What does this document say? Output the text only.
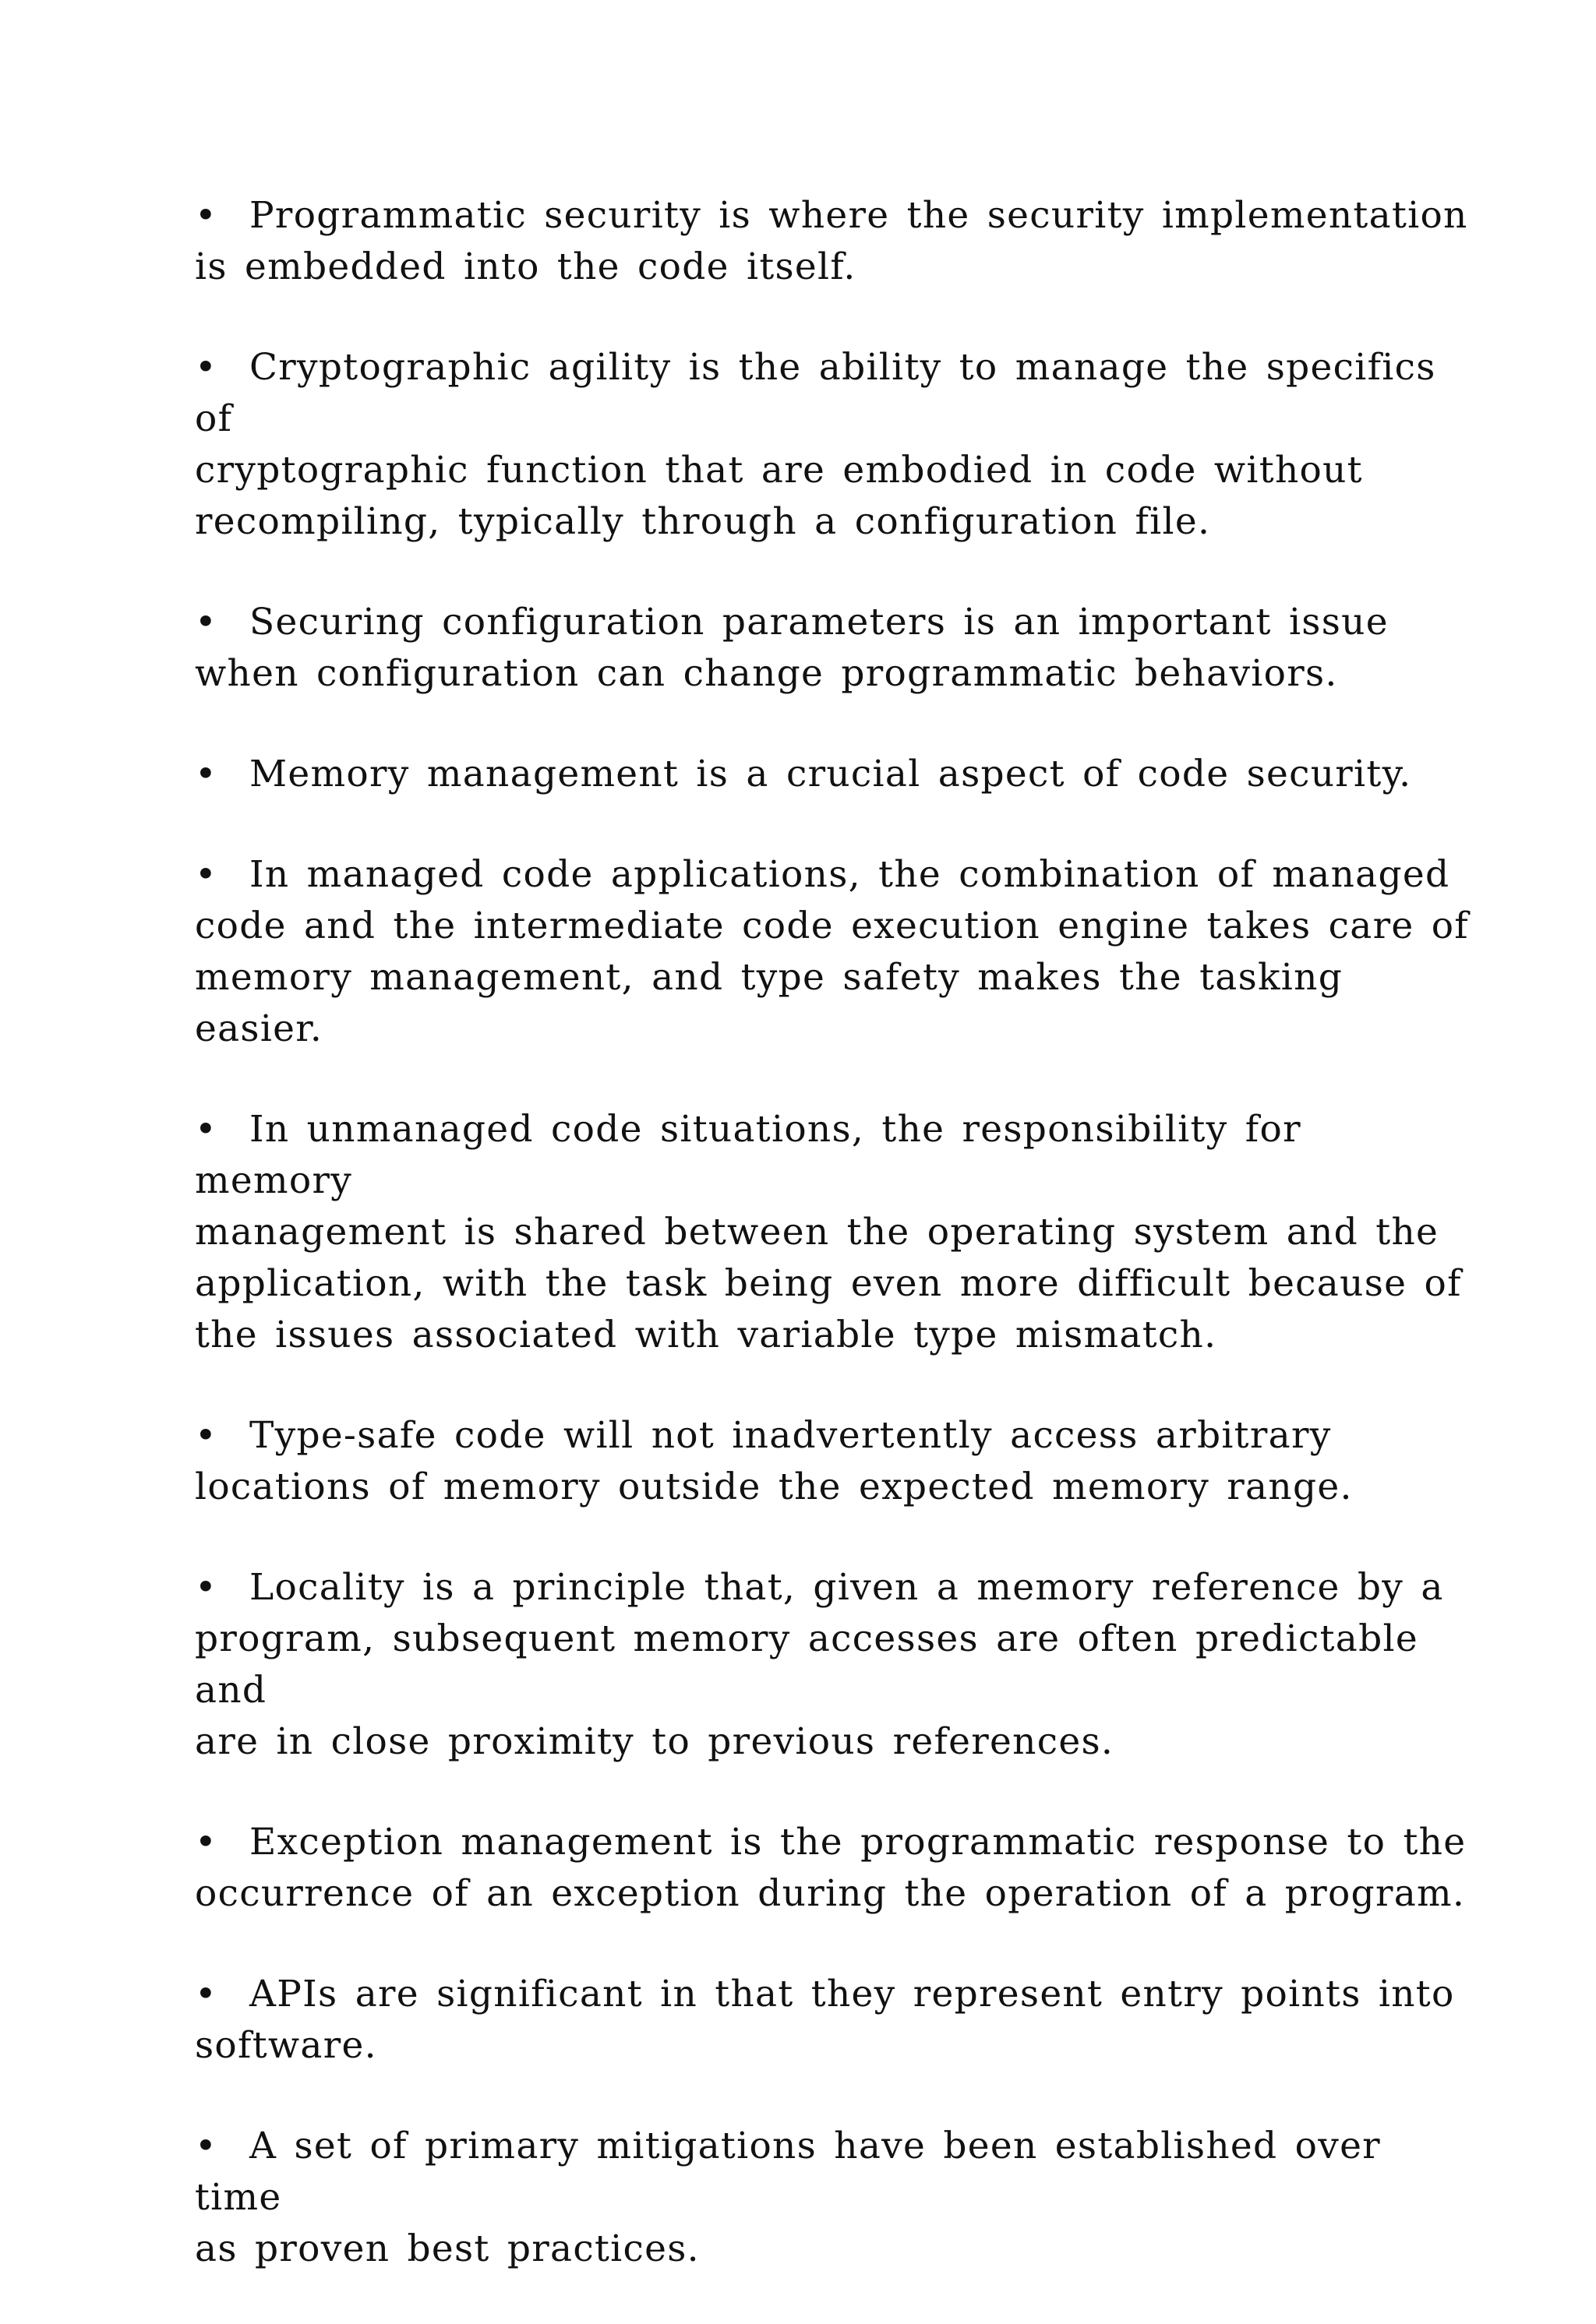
• Programmatic security is where the security implementation
is embedded into the code itself.

• Cryptographic agility is the ability to manage the specifics of
cryptographic function that are embodied in code without
recompiling, typically through a configuration file.

• Securing configuration parameters is an important issue
when configuration can change programmatic behaviors.

• Memory management is a crucial aspect of code security.

• In managed code applications, the combination of managed
code and the intermediate code execution engine takes care of
memory management, and type safety makes the tasking easier.

• In unmanaged code situations, the responsibility for memory
management is shared between the operating system and the
application, with the task being even more difficult because of
the issues associated with variable type mismatch.

• Type-safe code will not inadvertently access arbitrary
locations of memory outside the expected memory range.

• Locality is a principle that, given a memory reference by a
program, subsequent memory accesses are often predictable and
are in close proximity to previous references.

• Exception management is the programmatic response to the
occurrence of an exception during the operation of a program.

• APIs are significant in that they represent entry points into
software.

• A set of primary mitigations have been established over time
as proven best practices.
